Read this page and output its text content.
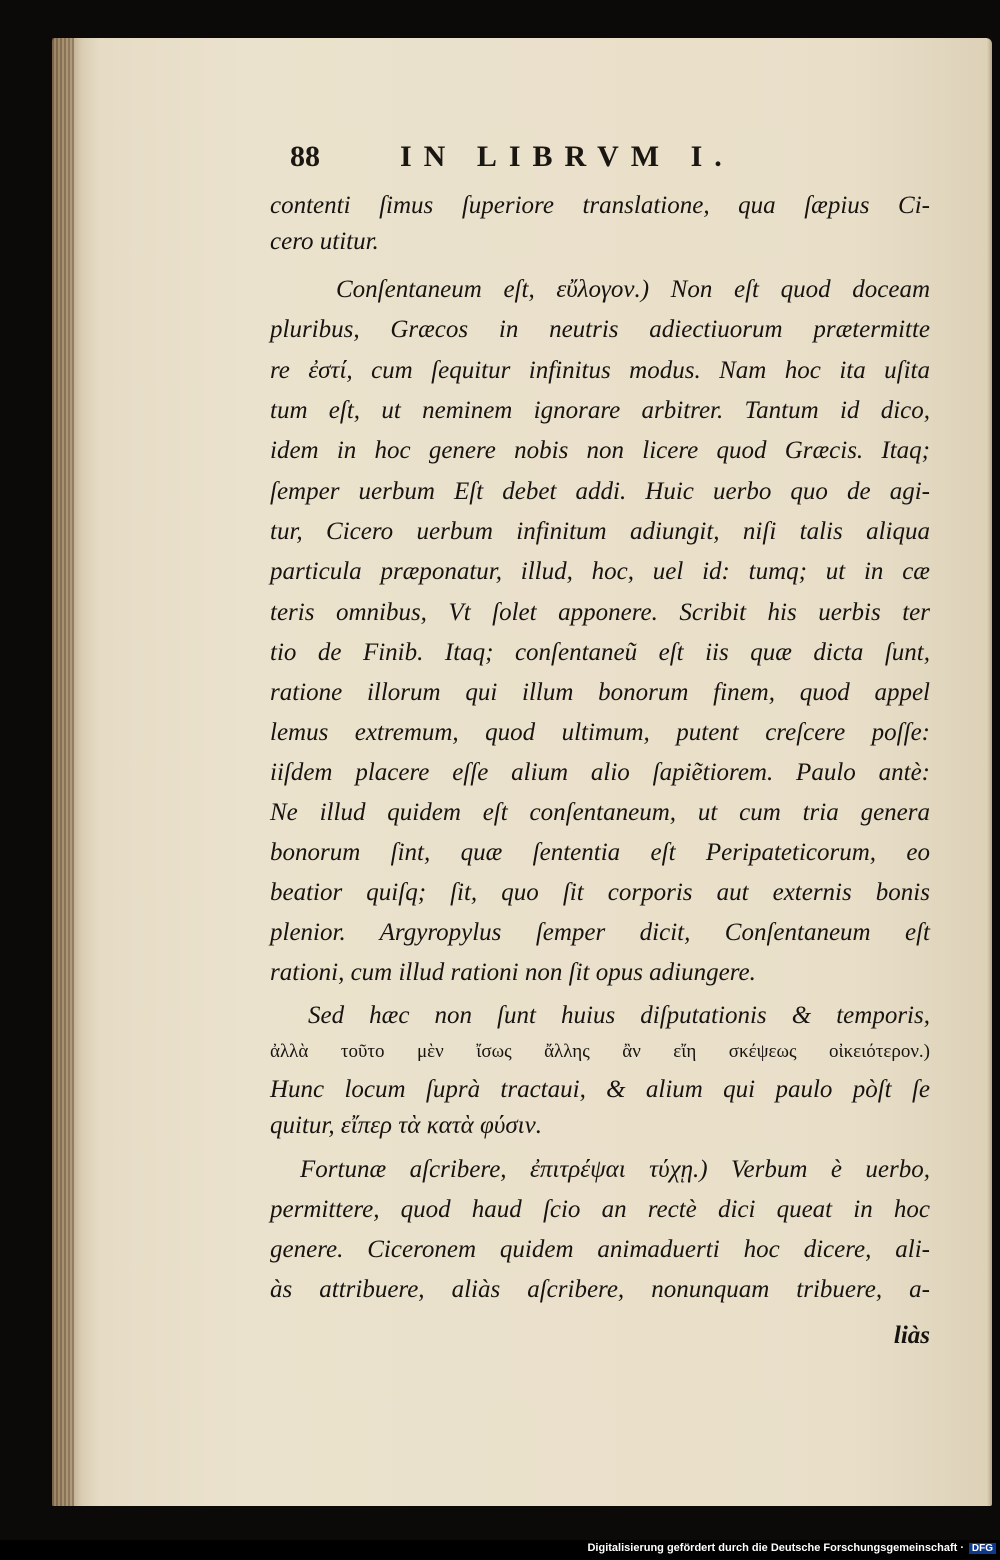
88	IN LIBRVM I.
contenti ſimus ſuperiore translatione, qua ſæpius Ci-
cero utitur.
Conſentaneum eſt, εὔλογον.) Non eſt quod doceam
pluribus, Græcos in neutris adiectiuorum prætermitte
re ἐστί, cum ſequitur infinitus modus. Nam hoc ita uſita
tum eſt, ut neminem ignorare arbitrer. Tantum id dico,
idem in hoc genere nobis non licere quod Græcis. Itaq;
ſemper uerbum Eſt debet addi. Huic uerbo quo de agi-
tur, Cicero uerbum infinitum adiungit, niſi talis aliqua
particula præponatur, illud, hoc, uel id: tumq; ut in cæ
teris omnibus, Vt ſolet apponere. Scribit his uerbis ter
tio de Finib. Itaq; conſentaneũ eſt iis quæ dicta ſunt,
ratione illorum qui illum bonorum finem, quod appel
lemus extremum, quod ultimum, putent creſcere poſſe:
iiſdem placere eſſe alium alio ſapiẽtiorem. Paulo antè:
Ne illud quidem eſt conſentaneum, ut cum tria genera
bonorum ſint, quæ ſententia eſt Peripateticorum, eo
beatior quiſq; ſit, quo ſit corporis aut externis bonis
plenior. Argyropylus ſemper dicit, Conſentaneum eſt
rationi, cum illud rationi non ſit opus adiungere.
Sed hæc non ſunt huius diſputationis & temporis,
ἀλλὰ τοῦτο μὲν ἴσως ἄλλης ἂν εἴη σκέψεως οἰκειότερον.)
Hunc locum ſuprà tractaui, & alium qui paulo pòſt ſe
quitur, εἴπερ τὰ κατὰ φύσιν.
Fortunæ aſcribere, ἐπιτρέψαι τύχῃ.) Verbum è uerbo,
permittere, quod haud ſcio an rectè dici queat in hoc
genere. Ciceronem quidem animaduerti hoc dicere, ali-
às attribuere, aliàs aſcribere, nonunquam tribuere, a-
liàs
Digitalisierung gefördert durch die Deutsche Forschungsgemeinschaft · DFG
